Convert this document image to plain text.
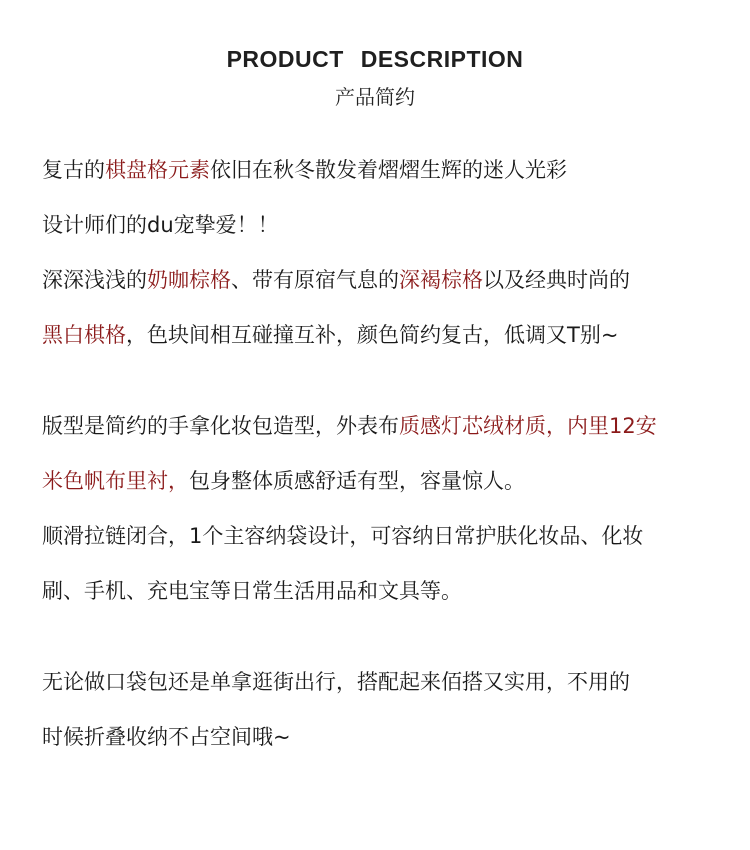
PRODUCT DESCRIPTION
产品简约
复古的棋盘格元素依旧在秋冬散发着熠熠生辉的迷人光彩
设计师们的du宠挚爱！！
深深浅浅的奶咖棕格、带有原宿气息的深褐棕格以及经典时尚的
黑白棋格，色块间相互碰撞互补，颜色简约复古，低调又T别~
版型是简约的手拿化妆包造型，外表布质感灯芯绒材质，内里12安
米色帆布里衬，包身整体质感舒适有型，容量惊人。
顺滑拉链闭合，1个主容纳袋设计，可容纳日常护肤化妆品、化妆
刷、手机、充电宝等日常生活用品和文具等。
无论做口袋包还是单拿逛街出行，搭配起来佰搭又实用，不用的
时候折叠收纳不占空间哦~
